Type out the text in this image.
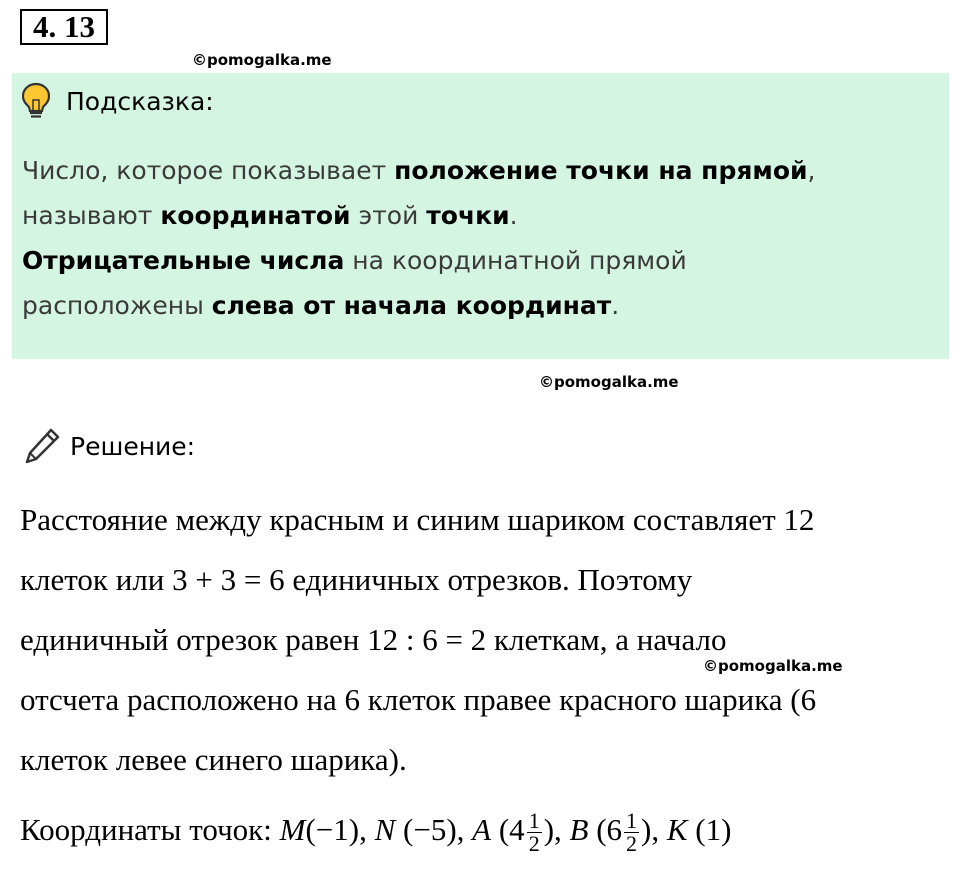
4. 13
©pomogalka.me
Подсказка:
Число, которое показывает положение точки на прямой,
называют координатой этой точки.
Отрицательные числа на координатной прямой
расположены слева от начала координат.
©pomogalka.me
Решение:
Расстояние между красным и синим шариком составляет 12
клеток или 3 + 3 = 6 единичных отрезков. Поэтому
единичный отрезок равен 12 : 6 = 2 клеткам, а начало
отсчета расположено на 6 клеток правее красного шарика (6
клеток левее синего шарика).
©pomogalka.me
Координаты точок: M(−1), N (−5), A ($4 \frac{1}{2}$ ), B ($6 \frac{1}{2}$ ), K (1)
